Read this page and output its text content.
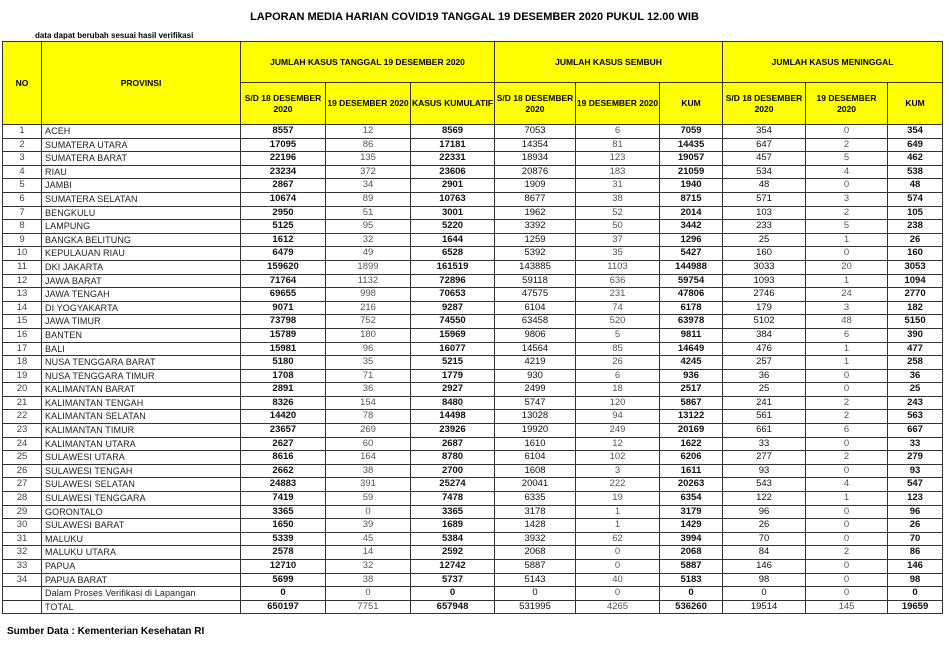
LAPORAN MEDIA HARIAN COVID19 TANGGAL 19 DESEMBER 2020 PUKUL 12.00 WIB
data dapat berubah sesuai hasil verifikasi
NO	PROVINSI	JUMLAH KASUS TANGGAL 19 DESEMBER 2020			JUMLAH KASUS SEMBUH			JUMLAH KASUS MENINGGAL		
		S/D 18 DESEMBER 2020	19 DESEMBER 2020	KASUS KUMULATIF	S/D 18 DESEMBER 2020	19 DESEMBER 2020	KUM	S/D 18 DESEMBER 2020	19 DESEMBER 2020	KUM
1	ACEH	8557	12	8569	7053	6	7059	354	0	354
2	SUMATERA UTARA	17095	86	17181	14354	81	14435	647	2	649
3	SUMATERA BARAT	22196	135	22331	18934	123	19057	457	5	462
4	RIAU	23234	372	23606	20876	183	21059	534	4	538
5	JAMBI	2867	34	2901	1909	31	1940	48	0	48
6	SUMATERA SELATAN	10674	89	10763	8677	38	8715	571	3	574
7	BENGKULU	2950	51	3001	1962	52	2014	103	2	105
8	LAMPUNG	5125	95	5220	3392	50	3442	233	5	238
9	BANGKA BELITUNG	1612	32	1644	1259	37	1296	25	1	26
10	KEPULAUAN RIAU	6479	49	6528	5392	35	5427	160	0	160
11	DKI JAKARTA	159620	1899	161519	143885	1103	144988	3033	20	3053
12	JAWA BARAT	71764	1132	72896	59118	636	59754	1093	1	1094
13	JAWA TENGAH	69655	998	70653	47575	231	47806	2746	24	2770
14	DI YOGYAKARTA	9071	216	9287	6104	74	6178	179	3	182
15	JAWA TIMUR	73798	752	74550	63458	520	63978	5102	48	5150
16	BANTEN	15789	180	15969	9806	5	9811	384	6	390
17	BALI	15981	96	16077	14564	85	14649	476	1	477
18	NUSA TENGGARA BARAT	5180	35	5215	4219	26	4245	257	1	258
19	NUSA TENGGARA TIMUR	1708	71	1779	930	6	936	36	0	36
20	KALIMANTAN BARAT	2891	36	2927	2499	18	2517	25	0	25
21	KALIMANTAN TENGAH	8326	154	8480	5747	120	5867	241	2	243
22	KALIMANTAN SELATAN	14420	78	14498	13028	94	13122	561	2	563
23	KALIMANTAN TIMUR	23657	269	23926	19920	249	20169	661	6	667
24	KALIMANTAN UTARA	2627	60	2687	1610	12	1622	33	0	33
25	SULAWESI UTARA	8616	164	8780	6104	102	6206	277	2	279
26	SULAWESI TENGAH	2662	38	2700	1608	3	1611	93	0	93
27	SULAWESI SELATAN	24883	391	25274	20041	222	20263	543	4	547
28	SULAWESI TENGGARA	7419	59	7478	6335	19	6354	122	1	123
29	GORONTALO	3365	0	3365	3178	1	3179	96	0	96
30	SULAWESI BARAT	1650	39	1689	1428	1	1429	26	0	26
31	MALUKU	5339	45	5384	3932	62	3994	70	0	70
32	MALUKU UTARA	2578	14	2592	2068	0	2068	84	2	86
33	PAPUA	12710	32	12742	5887	0	5887	146	0	146
34	PAPUA BARAT	5699	38	5737	5143	40	5183	98	0	98
	Dalam Proses Verifikasi di Lapangan	0	0	0	0	0	0	0	0	0
	TOTAL	650197	7751	657948	531995	4265	536260	19514	145	19659
Sumber Data : Kementerian Kesehatan RI
